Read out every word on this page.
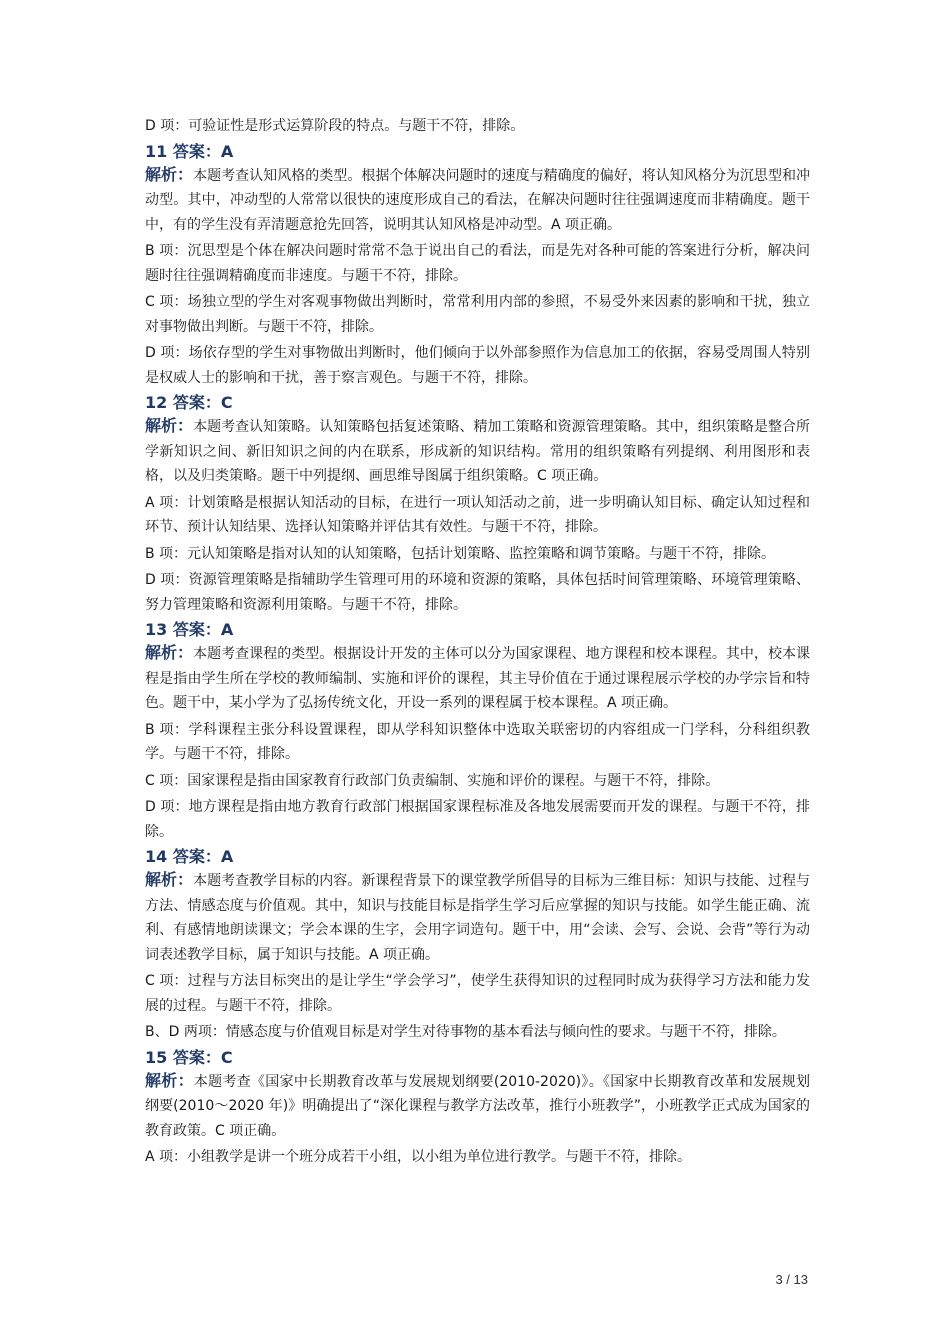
D 项：可验证性是形式运算阶段的特点。与题干不符，排除。

11 答案：A

解析：本题考查认知风格的类型。根据个体解决问题时的速度与精确度的偏好，将认知风格分为沉思型和冲动型。其中，冲动型的人常常以很快的速度形成自己的看法，在解决问题时往往强调速度而非精确度。题干中，有的学生没有弄清题意抢先回答，说明其认知风格是冲动型。A 项正确。

B 项：沉思型是个体在解决问题时常常不急于说出自己的看法，而是先对各种可能的答案进行分析，解决问题时往往强调精确度而非速度。与题干不符，排除。

C 项：场独立型的学生对客观事物做出判断时，常常利用内部的参照，不易受外来因素的影响和干扰，独立对事物做出判断。与题干不符，排除。

D 项：场依存型的学生对事物做出判断时，他们倾向于以外部参照作为信息加工的依据，容易受周围人特别是权威人士的影响和干扰，善于察言观色。与题干不符，排除。

12 答案：C

解析：本题考查认知策略。认知策略包括复述策略、精加工策略和资源管理策略。其中，组织策略是整合所学新知识之间、新旧知识之间的内在联系，形成新的知识结构。常用的组织策略有列提纲、利用图形和表格，以及归类策略。题干中列提纲、画思维导图属于组织策略。C 项正确。

A 项：计划策略是根据认知活动的目标，在进行一项认知活动之前，进一步明确认知目标、确定认知过程和环节、预计认知结果、选择认知策略并评估其有效性。与题干不符，排除。

B 项：元认知策略是指对认知的认知策略，包括计划策略、监控策略和调节策略。与题干不符，排除。

D 项：资源管理策略是指辅助学生管理可用的环境和资源的策略，具体包括时间管理策略、环境管理策略、努力管理策略和资源利用策略。与题干不符，排除。

13 答案：A

解析：本题考查课程的类型。根据设计开发的主体可以分为国家课程、地方课程和校本课程。其中，校本课程是指由学生所在学校的教师编制、实施和评价的课程，其主导价值在于通过课程展示学校的办学宗旨和特色。题干中，某小学为了弘扬传统文化，开设一系列的课程属于校本课程。A 项正确。

B 项：学科课程主张分科设置课程，即从学科知识整体中选取关联密切的内容组成一门学科，分科组织教学。与题干不符，排除。

C 项：国家课程是指由国家教育行政部门负责编制、实施和评价的课程。与题干不符，排除。

D 项：地方课程是指由地方教育行政部门根据国家课程标准及各地发展需要而开发的课程。与题干不符，排除。

14 答案：A

解析：本题考查教学目标的内容。新课程背景下的课堂教学所倡导的目标为三维目标：知识与技能、过程与方法、情感态度与价值观。其中，知识与技能目标是指学生学习后应掌握的知识与技能。如学生能正确、流利、有感情地朗读课文；学会本课的生字，会用字词造句。题干中，用“会读、会写、会说、会背”等行为动词表述教学目标，属于知识与技能。A 项正确。

C 项：过程与方法目标突出的是让学生“学会学习”，使学生获得知识的过程同时成为获得学习方法和能力发展的过程。与题干不符，排除。

B、D 两项：情感态度与价值观目标是对学生对待事物的基本看法与倾向性的要求。与题干不符，排除。

15 答案：C

解析：本题考查《国家中长期教育改革与发展规划纲要(2010-2020)》。《国家中长期教育改革和发展规划纲要(2010～2020 年)》明确提出了“深化课程与教学方法改革，推行小班教学”，小班教学正式成为国家的教育政策。C 项正确。

A 项：小组教学是讲一个班分成若干小组，以小组为单位进行教学。与题干不符，排除。

3 / 13
